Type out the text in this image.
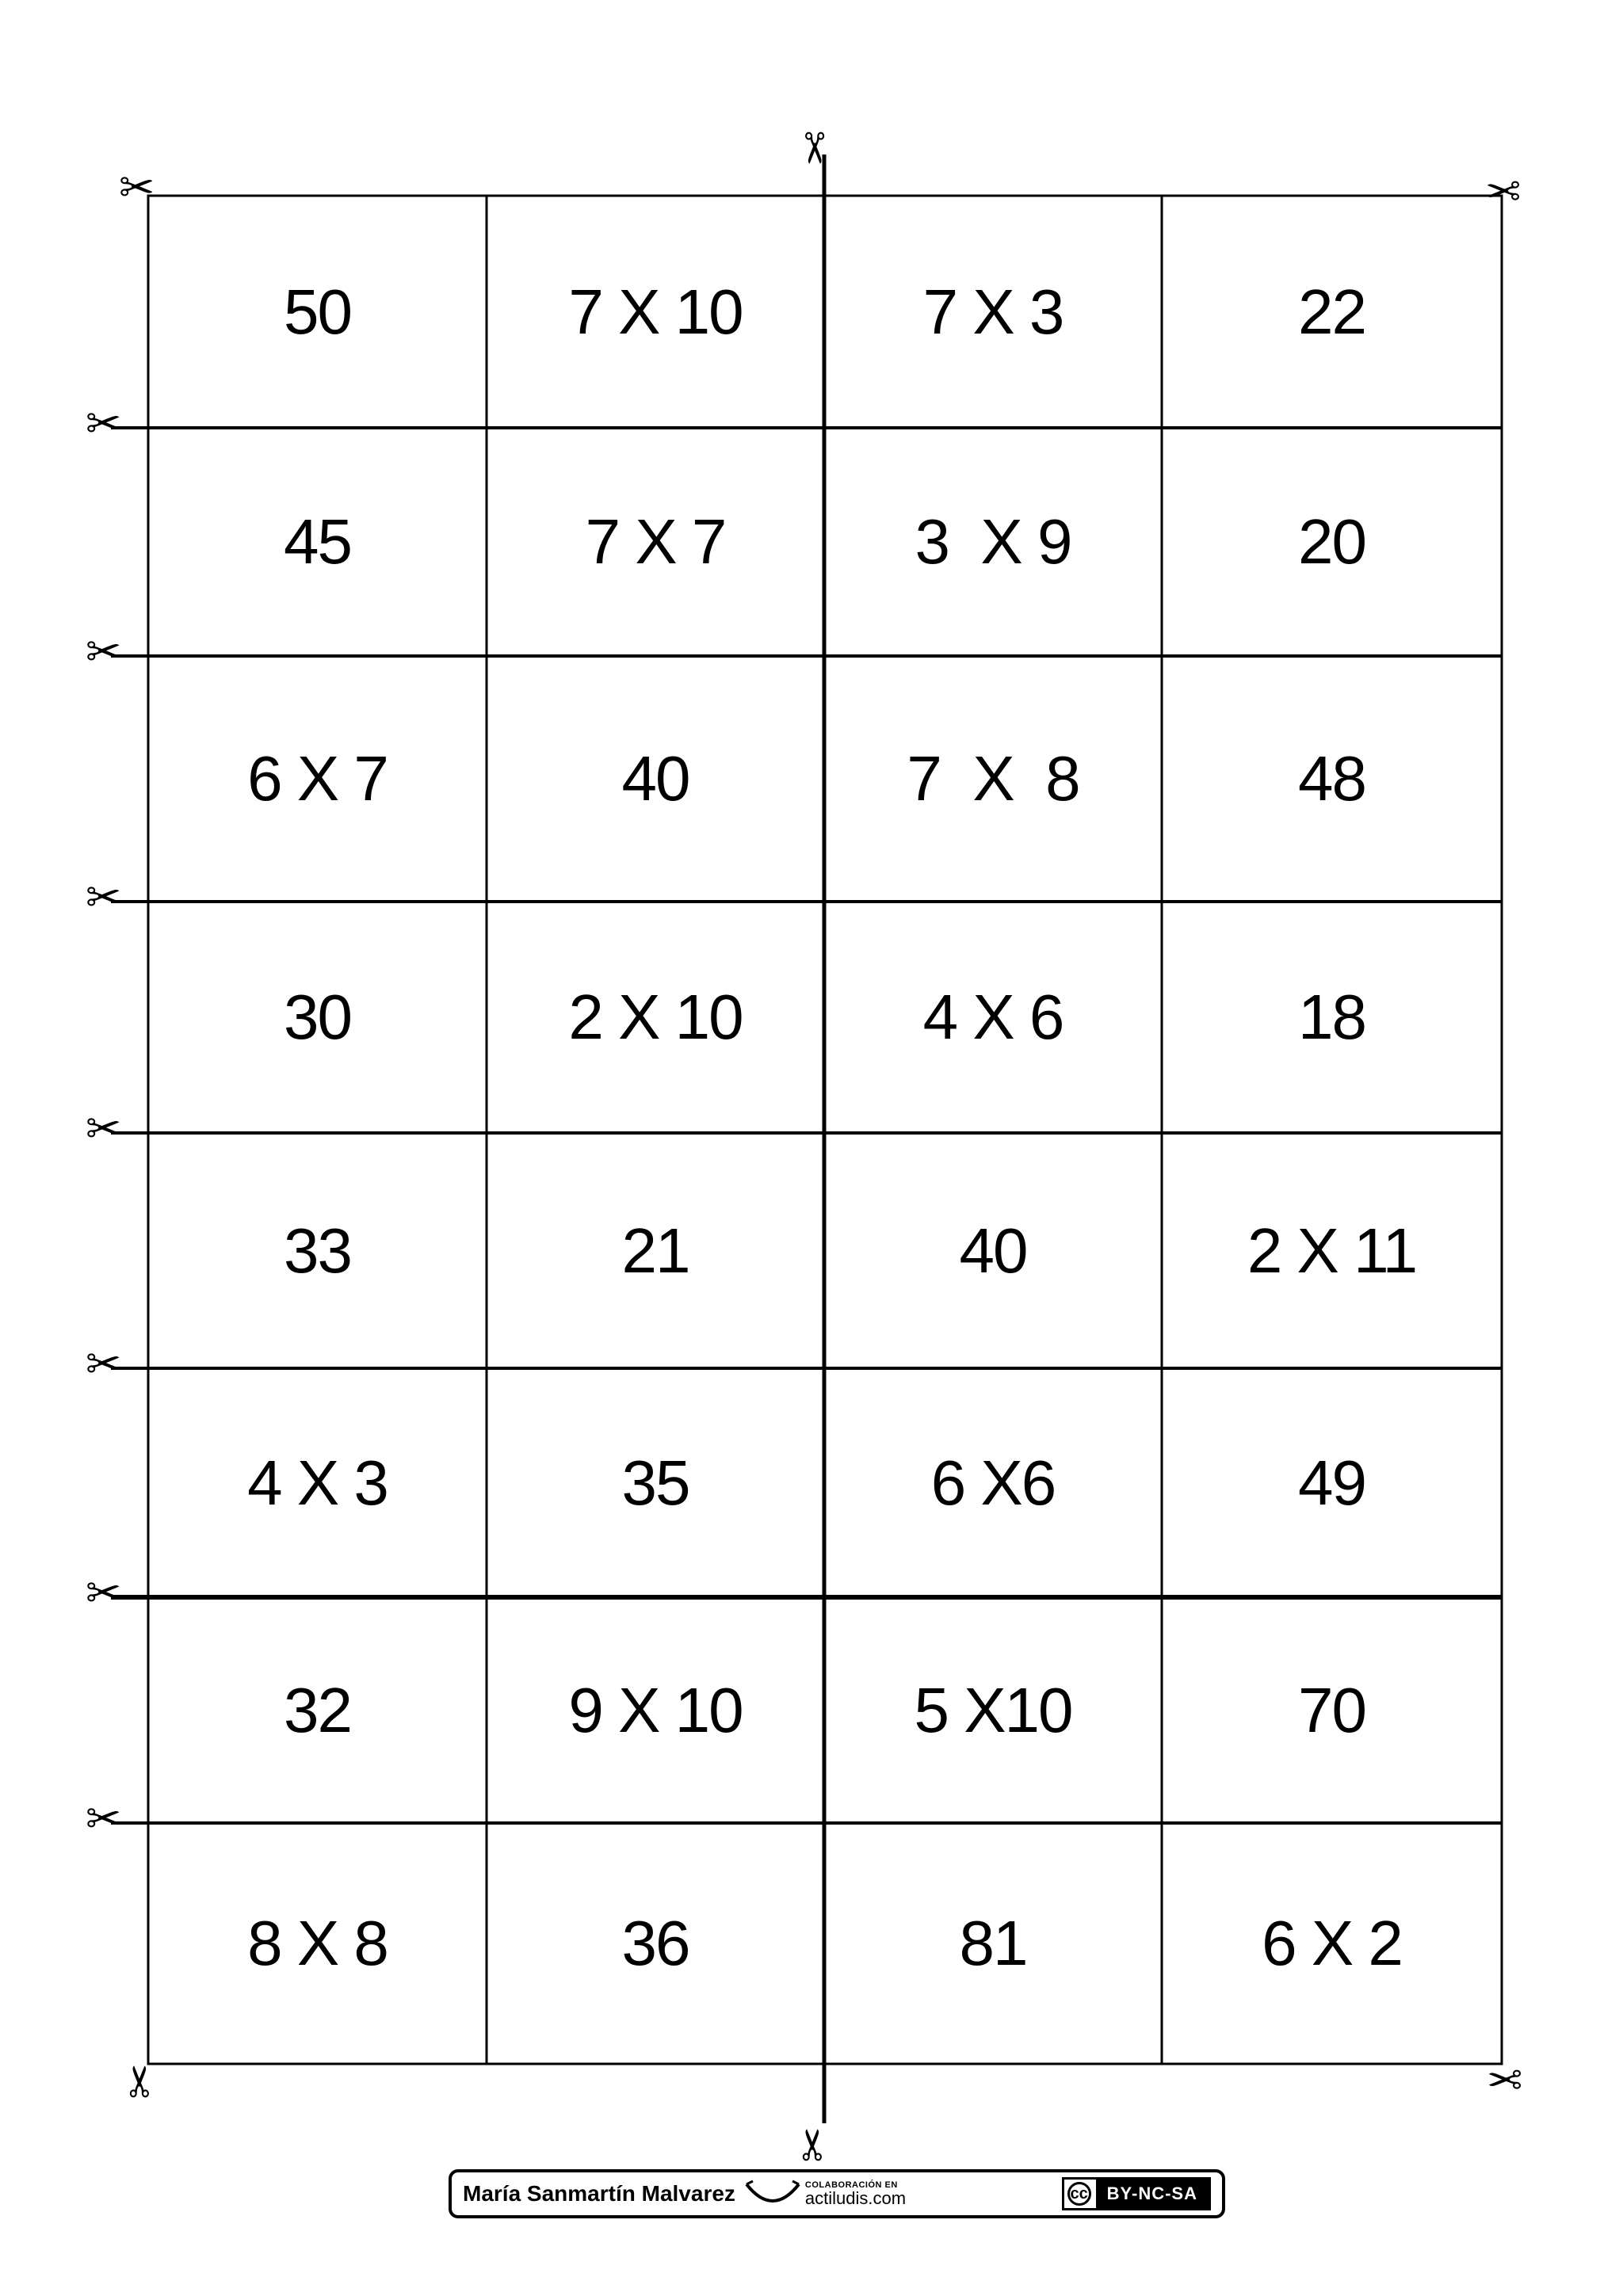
50	7 X 10	7 X 3	22
45	7 X 7	3  X 9	20
6 X 7	40	7  X  8	48
30	2 X 10	4 X 6	18
33	21	40	2 X 11
4 X 3	35	6 X6	49
32	9 X 10	5 X10	70
8 X 8	36	81	6 X 2
✂
✂
✂
✂
✂
✂
✂
✂
✂
✂
✂
✂
✂
María Sanmartín Malvarez	COLABORACIÓN EN
actiludis.com	cc	BY-NC-SA
